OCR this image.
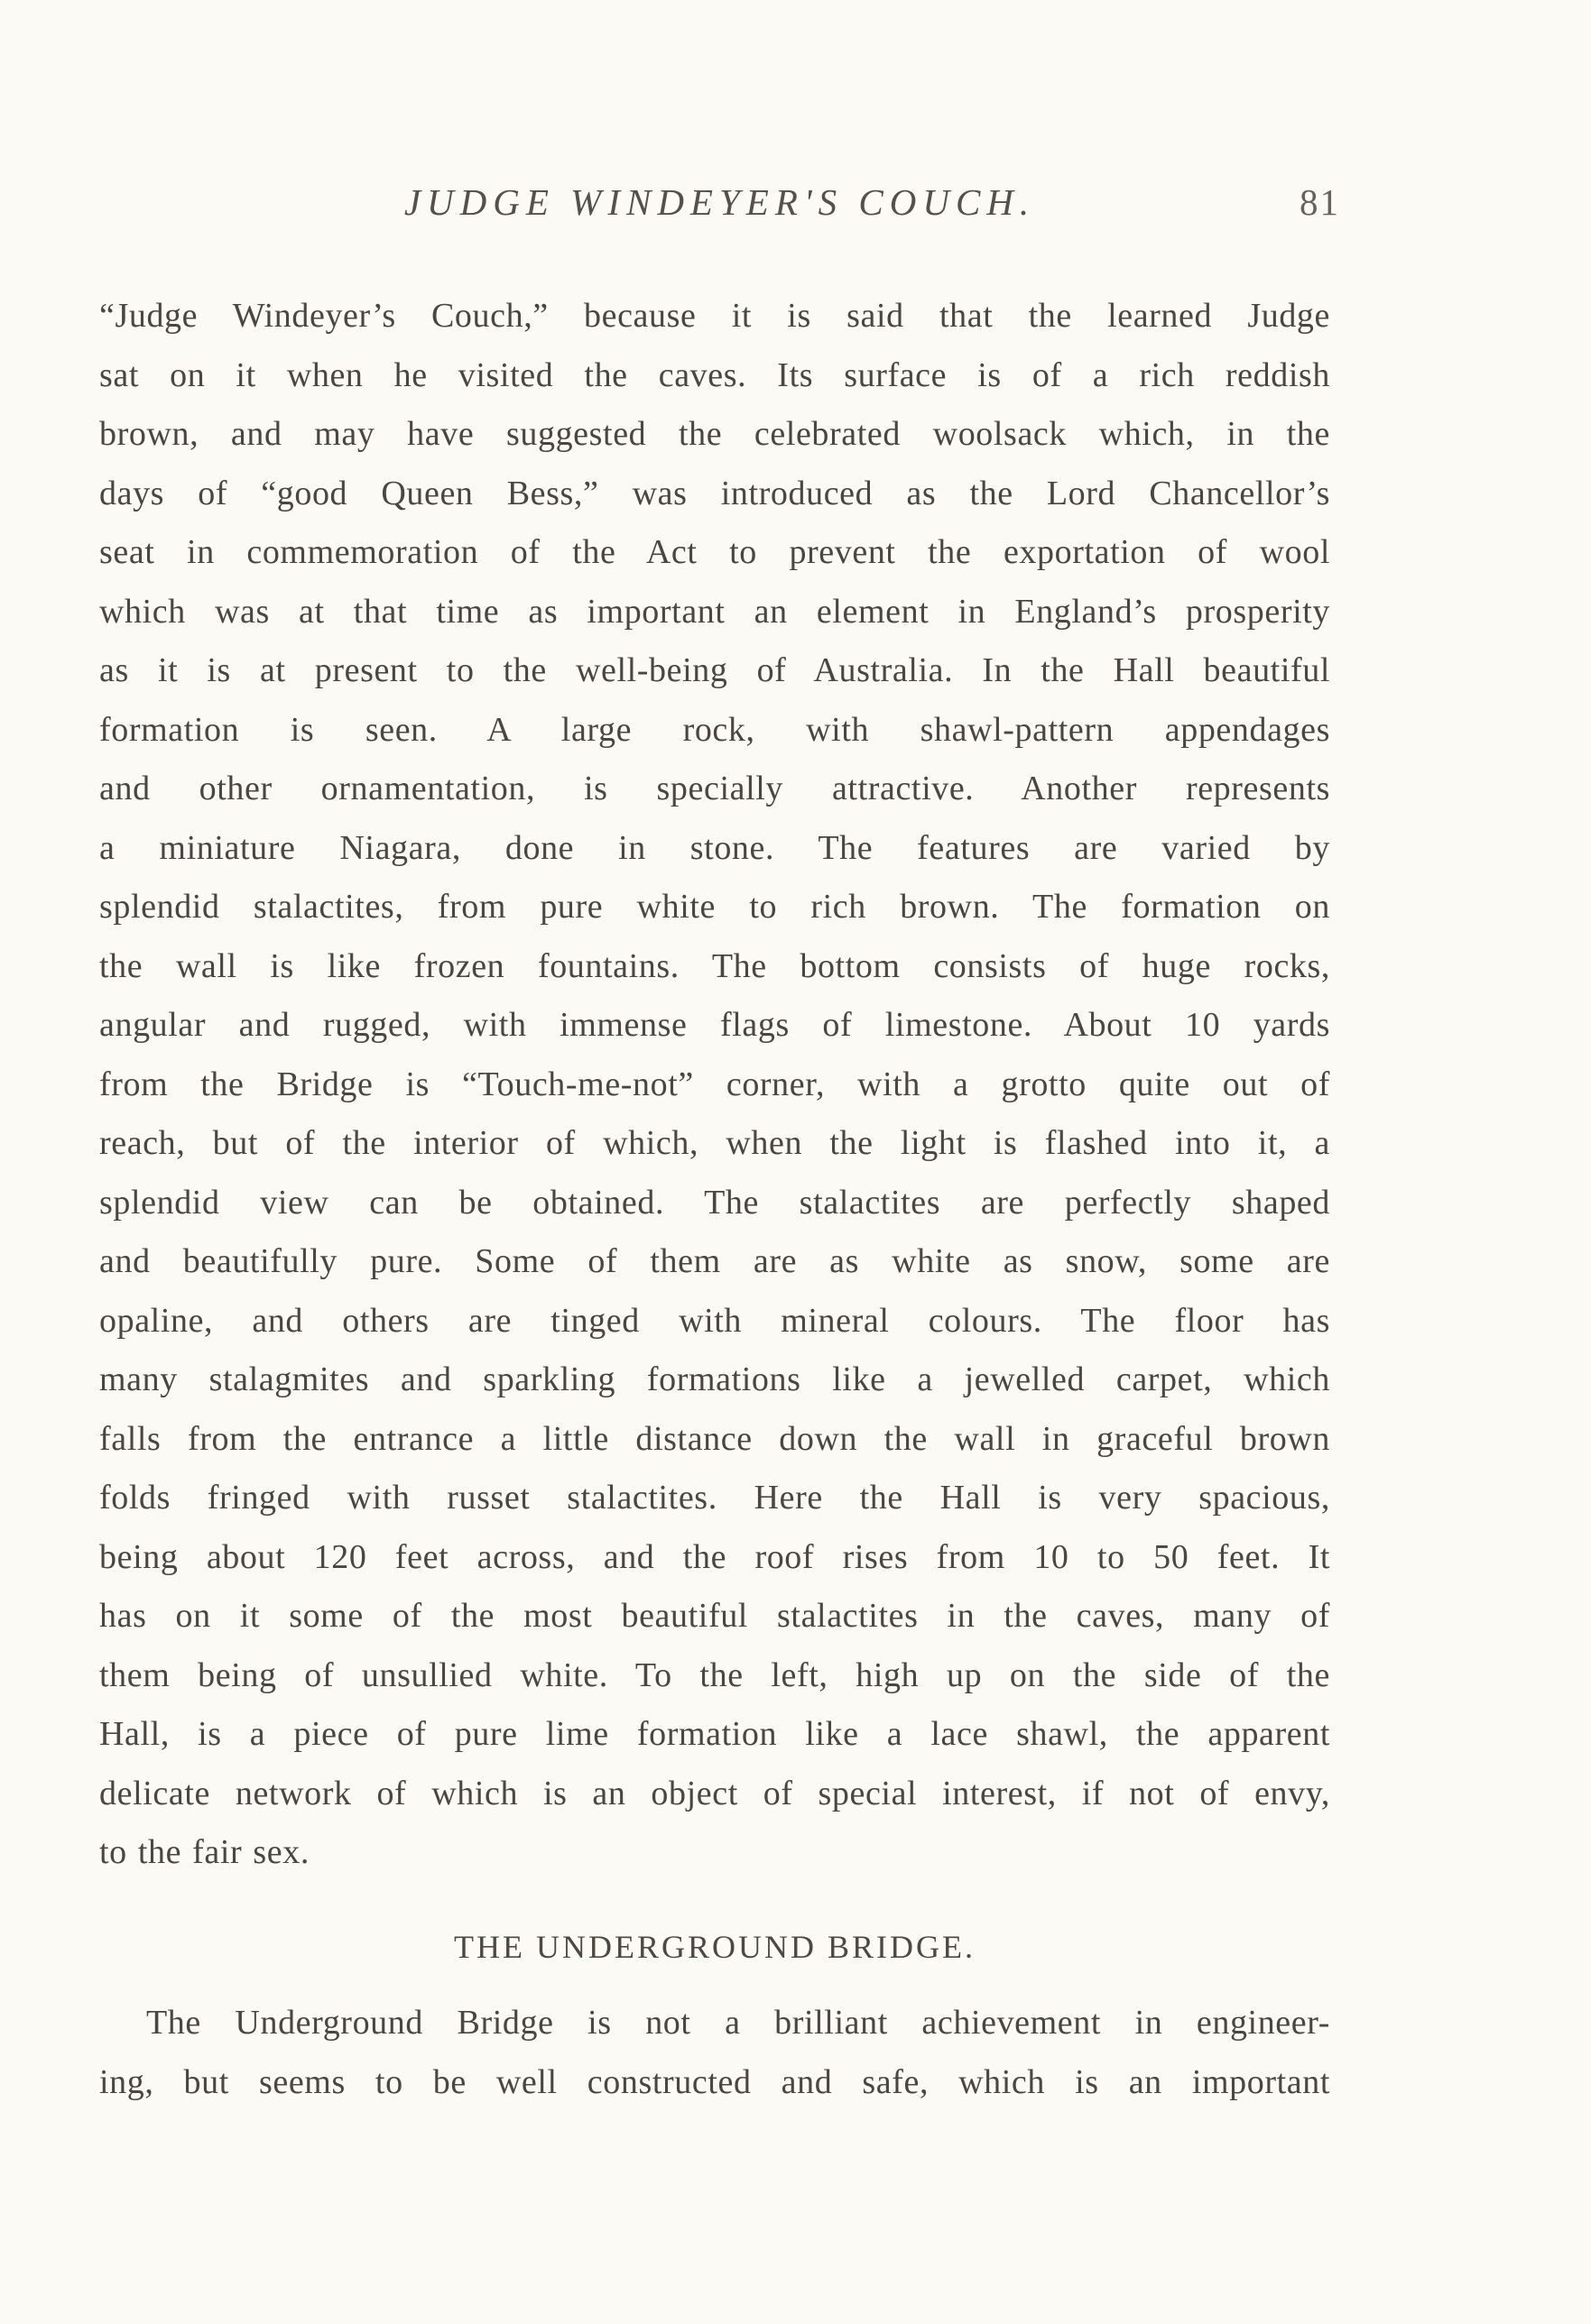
JUDGE WINDEYER'S COUCH.	81
“Judge Windeyer’s Couch,” because it is said that the learned Judge
sat on it when he visited the caves. Its surface is of a rich reddish
brown, and may have suggested the celebrated woolsack which, in the
days of “good Queen Bess,” was introduced as the Lord Chancellor’s
seat in commemoration of the Act to prevent the exportation of wool
which was at that time as important an element in England’s prosperity
as it is at present to the well-being of Australia. In the Hall beautiful
formation is seen. A large rock, with shawl-pattern appendages
and other ornamentation, is specially attractive. Another represents
a miniature Niagara, done in stone. The features are varied by
splendid stalactites, from pure white to rich brown. The formation on
the wall is like frozen fountains. The bottom consists of huge rocks,
angular and rugged, with immense flags of limestone. About 10 yards
from the Bridge is “Touch-me-not” corner, with a grotto quite out of
reach, but of the interior of which, when the light is flashed into it, a
splendid view can be obtained. The stalactites are perfectly shaped
and beautifully pure. Some of them are as white as snow, some are
opaline, and others are tinged with mineral colours. The floor has
many stalagmites and sparkling formations like a jewelled carpet, which
falls from the entrance a little distance down the wall in graceful brown
folds fringed with russet stalactites. Here the Hall is very spacious,
being about 120 feet across, and the roof rises from 10 to 50 feet. It
has on it some of the most beautiful stalactites in the caves, many of
them being of unsullied white. To the left, high up on the side of the
Hall, is a piece of pure lime formation like a lace shawl, the apparent
delicate network of which is an object of special interest, if not of envy,
to the fair sex.
THE UNDERGROUND BRIDGE.
The Underground Bridge is not a brilliant achievement in engineer-
ing, but seems to be well constructed and safe, which is an important
